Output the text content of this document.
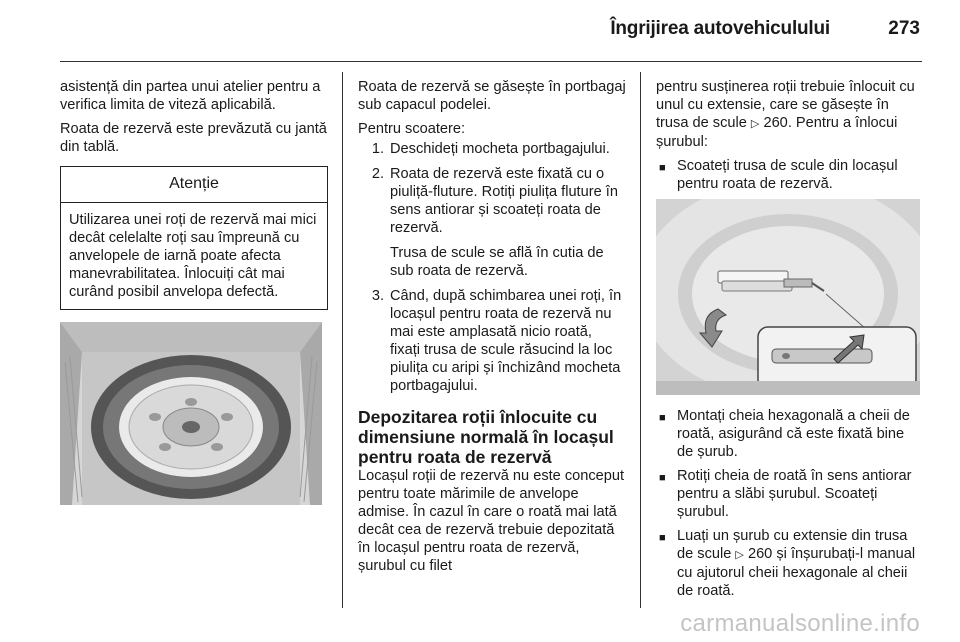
Îngrijirea autovehiculului	273

asistență din partea unui atelier pentru a verifica limita de viteză aplicabilă.

Roata de rezervă este prevăzută cu jantă din tablă.

Atenție
Utilizarea unei roți de rezervă mai mici decât celelalte roți sau împreună cu anvelopele de iarnă poate afecta manevrabilitatea. Înlocuiți cât mai curând posibil anvelopa defectă.

Roata de rezervă se găsește în portbagaj sub capacul podelei.

Pentru scoatere:

1. Deschideți mocheta portbagajului.
2. Roata de rezervă este fixată cu o piuliță-fluture. Rotiți piulița fluture în sens antiorar și scoateți roata de rezervă.
Trusa de scule se află în cutia de sub roata de rezervă.
3. Când, după schimbarea unei roți, în locașul pentru roata de rezervă nu mai este amplasată nicio roată, fixați trusa de scule răsucind la loc piulița cu aripi și închizând mocheta portbagajului.
Depozitarea roții înlocuite cu dimensiune normală în locașul pentru roata de rezervă

Locașul roții de rezervă nu este conceput pentru toate mărimile de anvelope admise. În cazul în care o roată mai lată decât cea de rezervă trebuie depozitată în locașul pentru roata de rezervă, șurubul cu filet

pentru susținerea roții trebuie înlocuit cu unul cu extensie, care se găsește în trusa de scule ▷ 260. Pentru a înlocui șurubul:

■ Scoateți trusa de scule din locașul pentru roata de rezervă.
■ Montați cheia hexagonală a cheii de roată, asigurând că este fixată bine de șurub.
■ Rotiți cheia de roată în sens antiorar pentru a slăbi șurubul. Scoateți șurubul.
■ Luați un șurub cu extensie din trusa de scule ▷ 260 și înșurubați-l manual cu ajutorul cheii hexagonale al cheii de roată.
carmanualsonline.info
